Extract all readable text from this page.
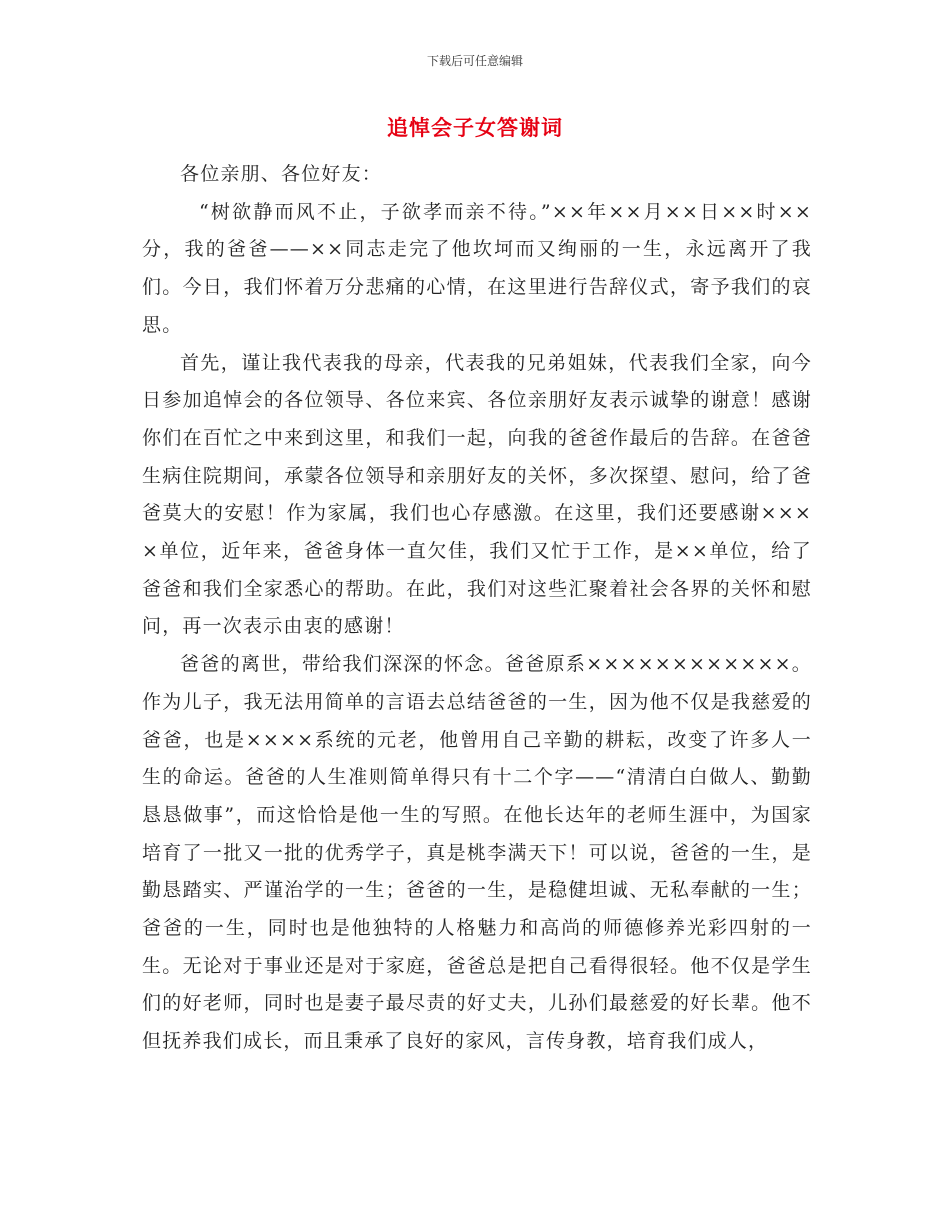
下载后可任意编辑
追悼会子女答谢词

各位亲朋、各位好友：

“树欲静而风不止，子欲孝而亲不待。”××年××月××日××时××分，我的爸爸——××同志走完了他坎坷而又绚丽的一生，永远离开了我们。今日，我们怀着万分悲痛的心情，在这里进行告辞仪式，寄予我们的哀思。

首先，谨让我代表我的母亲，代表我的兄弟姐妹，代表我们全家，向今日参加追悼会的各位领导、各位来宾、各位亲朋好友表示诚挚的谢意！感谢你们在百忙之中来到这里，和我们一起，向我的爸爸作最后的告辞。在爸爸生病住院期间，承蒙各位领导和亲朋好友的关怀，多次探望、慰问，给了爸爸莫大的安慰！作为家属，我们也心存感激。在这里，我们还要感谢××××单位，近年来，爸爸身体一直欠佳，我们又忙于工作，是××单位，给了爸爸和我们全家悉心的帮助。在此，我们对这些汇聚着社会各界的关怀和慰问，再一次表示由衷的感谢！

爸爸的离世，带给我们深深的怀念。爸爸原系××××××××××××。作为儿子，我无法用简单的言语去总结爸爸的一生，因为他不仅是我慈爱的爸爸，也是××××系统的元老，他曾用自己辛勤的耕耘，改变了许多人一生的命运。爸爸的人生准则简单得只有十二个字——“清清白白做人、勤勤恳恳做事”，而这恰恰是他一生的写照。在他长达年的老师生涯中，为国家培育了一批又一批的优秀学子，真是桃李满天下！可以说，爸爸的一生，是勤恳踏实、严谨治学的一生；爸爸的一生，是稳健坦诚、无私奉献的一生；爸爸的一生，同时也是他独特的人格魅力和高尚的师德修养光彩四射的一生。无论对于事业还是对于家庭，爸爸总是把自己看得很轻。他不仅是学生们的好老师，同时也是妻子最尽责的好丈夫，儿孙们最慈爱的好长辈。他不但抚养我们成长，而且秉承了良好的家风，言传身教，培育我们成人，
